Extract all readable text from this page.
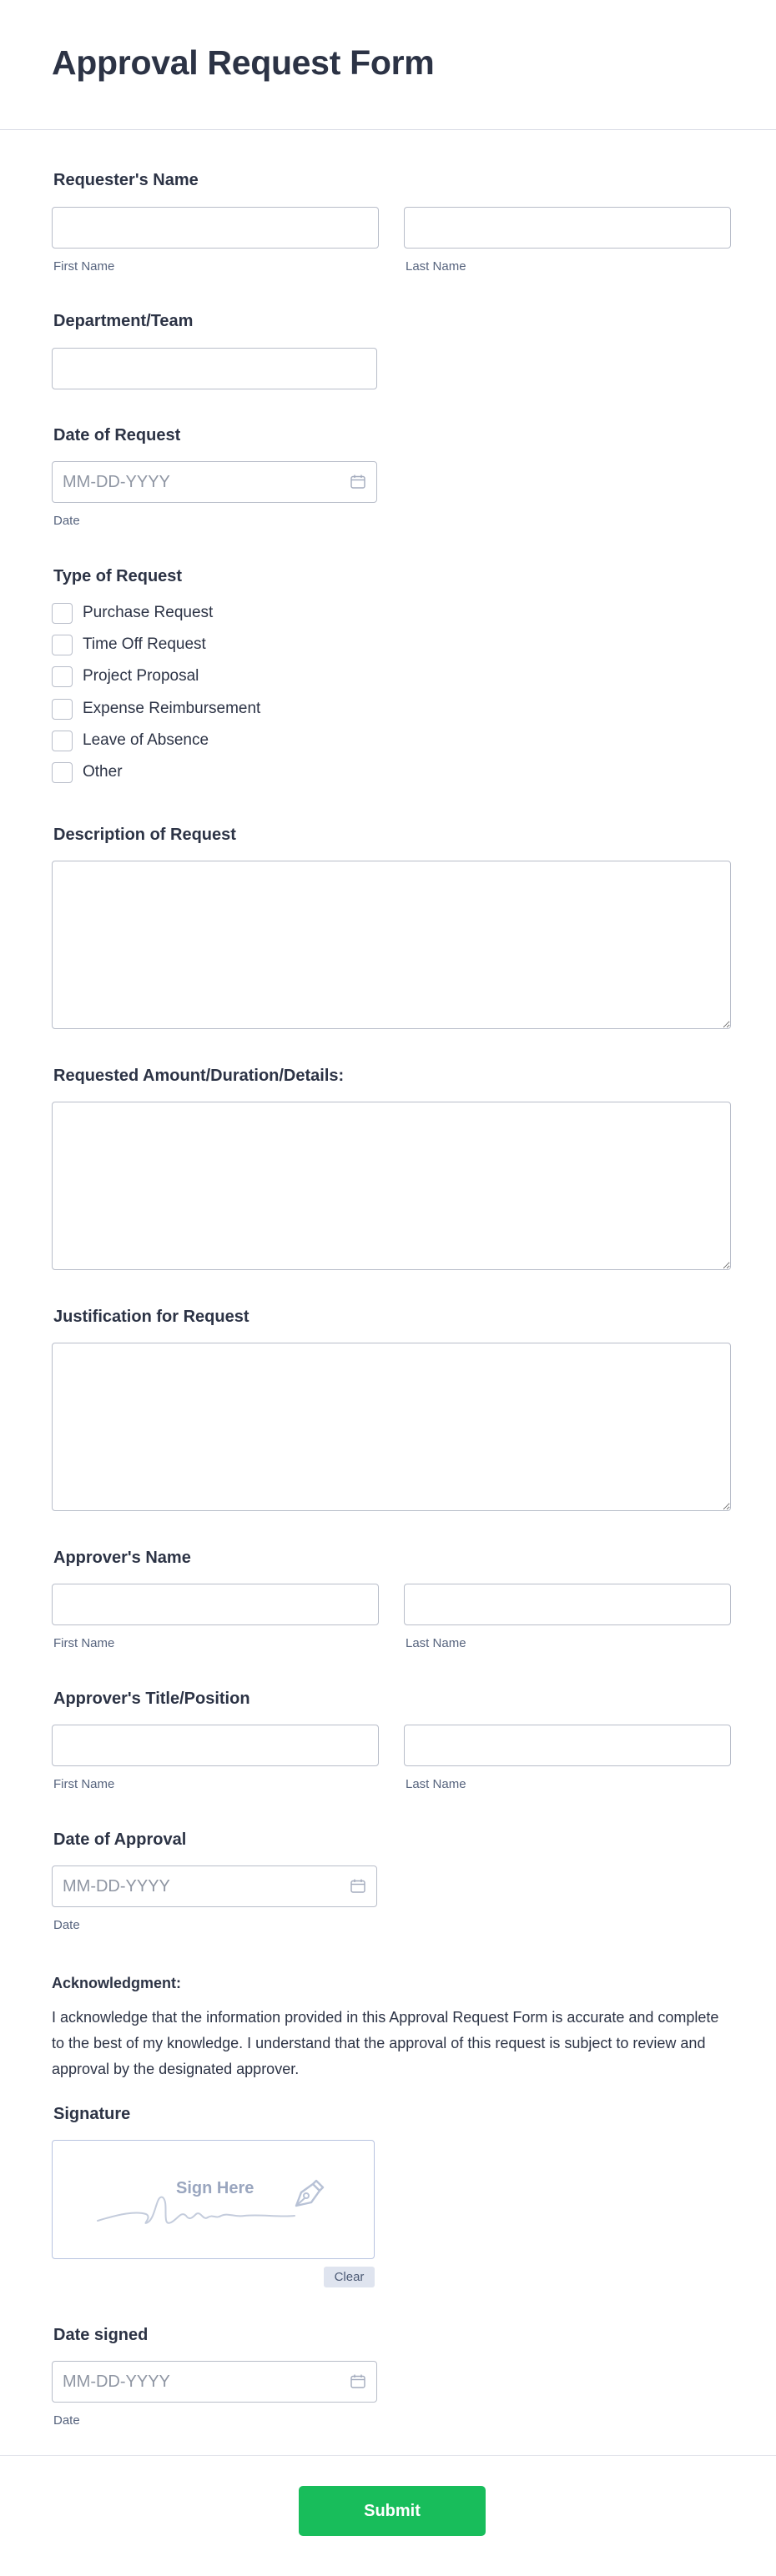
Approval Request Form
Requester's Name
First Name	Last Name
Department/Team
Date of Request
MM-DD-YYYY
Date
Type of Request
Purchase Request
Time Off Request
Project Proposal
Expense Reimbursement
Leave of Absence
Other
Description of Request
Requested Amount/Duration/Details:
Justification for Request
Approver's Name
First Name	Last Name
Approver's Title/Position
First Name	Last Name
Date of Approval
MM-DD-YYYY
Date
Acknowledgment:
I acknowledge that the information provided in this Approval Request Form is accurate and complete to the best of my knowledge. I understand that the approval of this request is subject to review and approval by the designated approver.
Signature
Sign Here
Clear
Date signed
MM-DD-YYYY
Date
Submit
